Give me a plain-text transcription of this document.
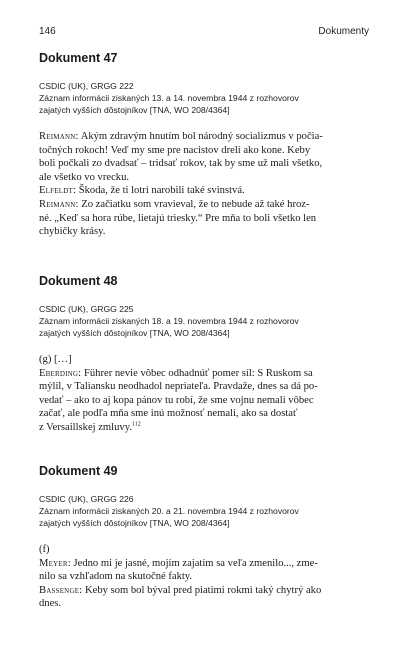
146	Dokumenty
Dokument 47
CSDIC (UK), GRGG 222
Záznam informácii ziskaných 13. a 14. novembra 1944 z rozhovorov
zajatých vyšších dôstojníkov [TNA, WO 208/4364]

Reimann: Akým zdravým hnutím bol národný socializmus v počia-
točných rokoch! Veď my sme pre nacistov dreli ako kone. Keby
boli počkali zo dvadsať – tridsať rokov, tak by sme už mali všetko,
ale všetko vo vrecku.

Elfeldt: Škoda, že ti lotri narobili také svinstvá.

Reimann: Zo začiatku som vravieval, že to nebude až také hroz-
né. „Keď sa hora rúbe, lietajú triesky.“ Pre mňa to boli všetko len
chybičky krásy.

Dokument 48
CSDIC (UK), GRGG 225
Záznam informácii ziskaných 18. a 19. novembra 1944 z rozhovorov
zajatých vyšších dôstojníkov [TNA, WO 208/4364]

(g) […]

Eberding: Führer nevie vôbec odhadnúť pomer síl: S Ruskom sa
mýlil, v Taliansku neodhadol nepriateľa. Pravdaže, dnes sa dá po-
vedať – ako to aj kopa pánov tu robí, že sme vojnu nemali vôbec
začať, ale podľa mňa sme inú možnosť nemali, ako sa dostať
z Versaillskej zmluvy.$^{112}$

Dokument 49
CSDIC (UK), GRGG 226
Záznam informácii ziskaných 20. a 21. novembra 1944 z rozhovorov
zajatých vyšších dôstojníkov [TNA, WO 208/4364]

(f)

Meyer: Jedno mi je jasné, mojím zajatím sa veľa zmenilo..., zme-
nilo sa vzhľadom na skutočné fakty.

Bassenge: Keby som bol býval pred piatimi rokmi taký chytrý ako
dnes.
